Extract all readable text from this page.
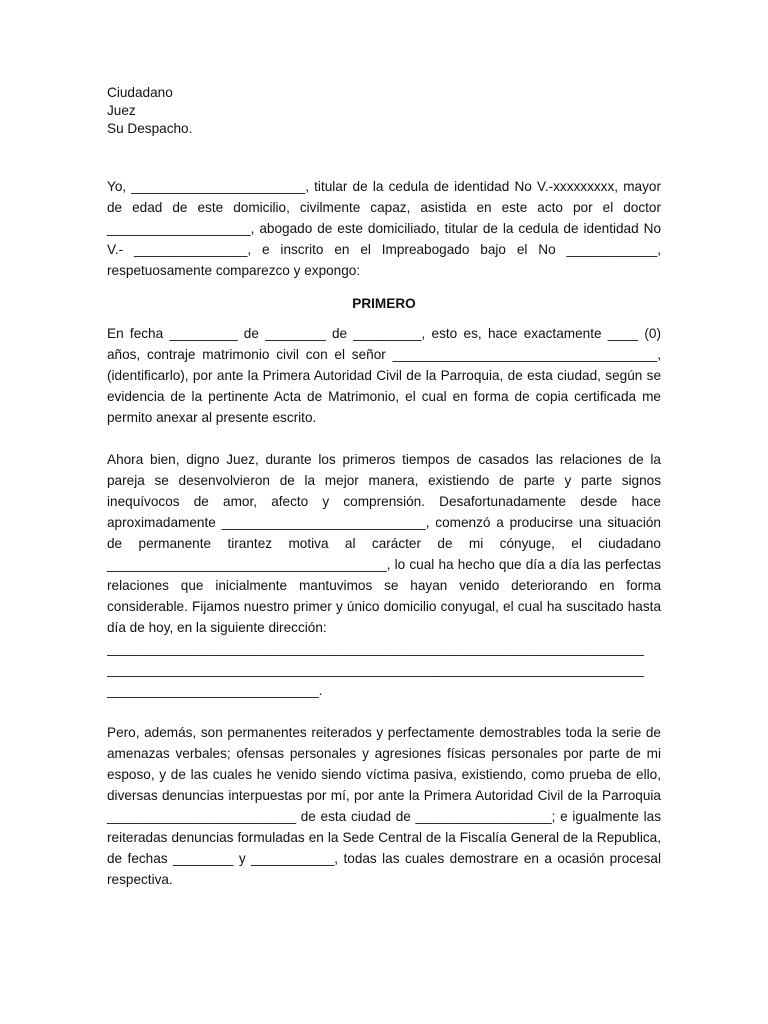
Ciudadano

Juez

Su Despacho.

Yo, _______________________, titular de la cedula de identidad No V.-xxxxxxxxx, mayor de edad de este domicilio, civilmente capaz, asistida en este acto por el doctor ___________________, abogado de este domiciliado, titular de la cedula de identidad No V.- _______________, e inscrito en el Impreabogado bajo el No ____________, respetuosamente comparezco y expongo:

PRIMERO

En fecha _________ de ________ de _________, esto es, hace exactamente ____ (0) años, contraje matrimonio civil con el señor ___________________________________, (identificarlo), por ante la Primera Autoridad Civil de la Parroquia, de esta ciudad, según se evidencia de la pertinente Acta de Matrimonio, el cual en forma de copia certificada me permito anexar al presente escrito.

Ahora bien, digno Juez, durante los primeros tiempos de casados las relaciones de la pareja se desenvolvieron de la mejor manera, existiendo de parte y parte signos inequívocos de amor, afecto y comprensión. Desafortunadamente desde hace aproximadamente ___________________________, comenzó a producirse una situación de permanente tirantez motiva al carácter de mi cónyuge, el ciudadano _____________________________________, lo cual ha hecho que día a día las perfectas relaciones que inicialmente mantuvimos se hayan venido deteriorando en forma considerable. Fijamos nuestro primer y único domicilio conyugal, el cual ha suscitado hasta día de hoy, en la siguiente dirección:

_______________________________________________________________________
_______________________________________________________________________
____________________________.

Pero, además, son permanentes reiterados y perfectamente demostrables toda la serie de amenazas verbales; ofensas personales y agresiones físicas personales por parte de mi esposo, y de las cuales he venido siendo víctima pasiva, existiendo, como prueba de ello, diversas denuncias interpuestas por mí, por ante la Primera Autoridad Civil de la Parroquia _________________________ de esta ciudad de __________________; e igualmente las reiteradas denuncias formuladas en la Sede Central de la Fiscalía General de la Republica, de fechas ________ y ___________, todas las cuales demostrare en a ocasión procesal respectiva.
